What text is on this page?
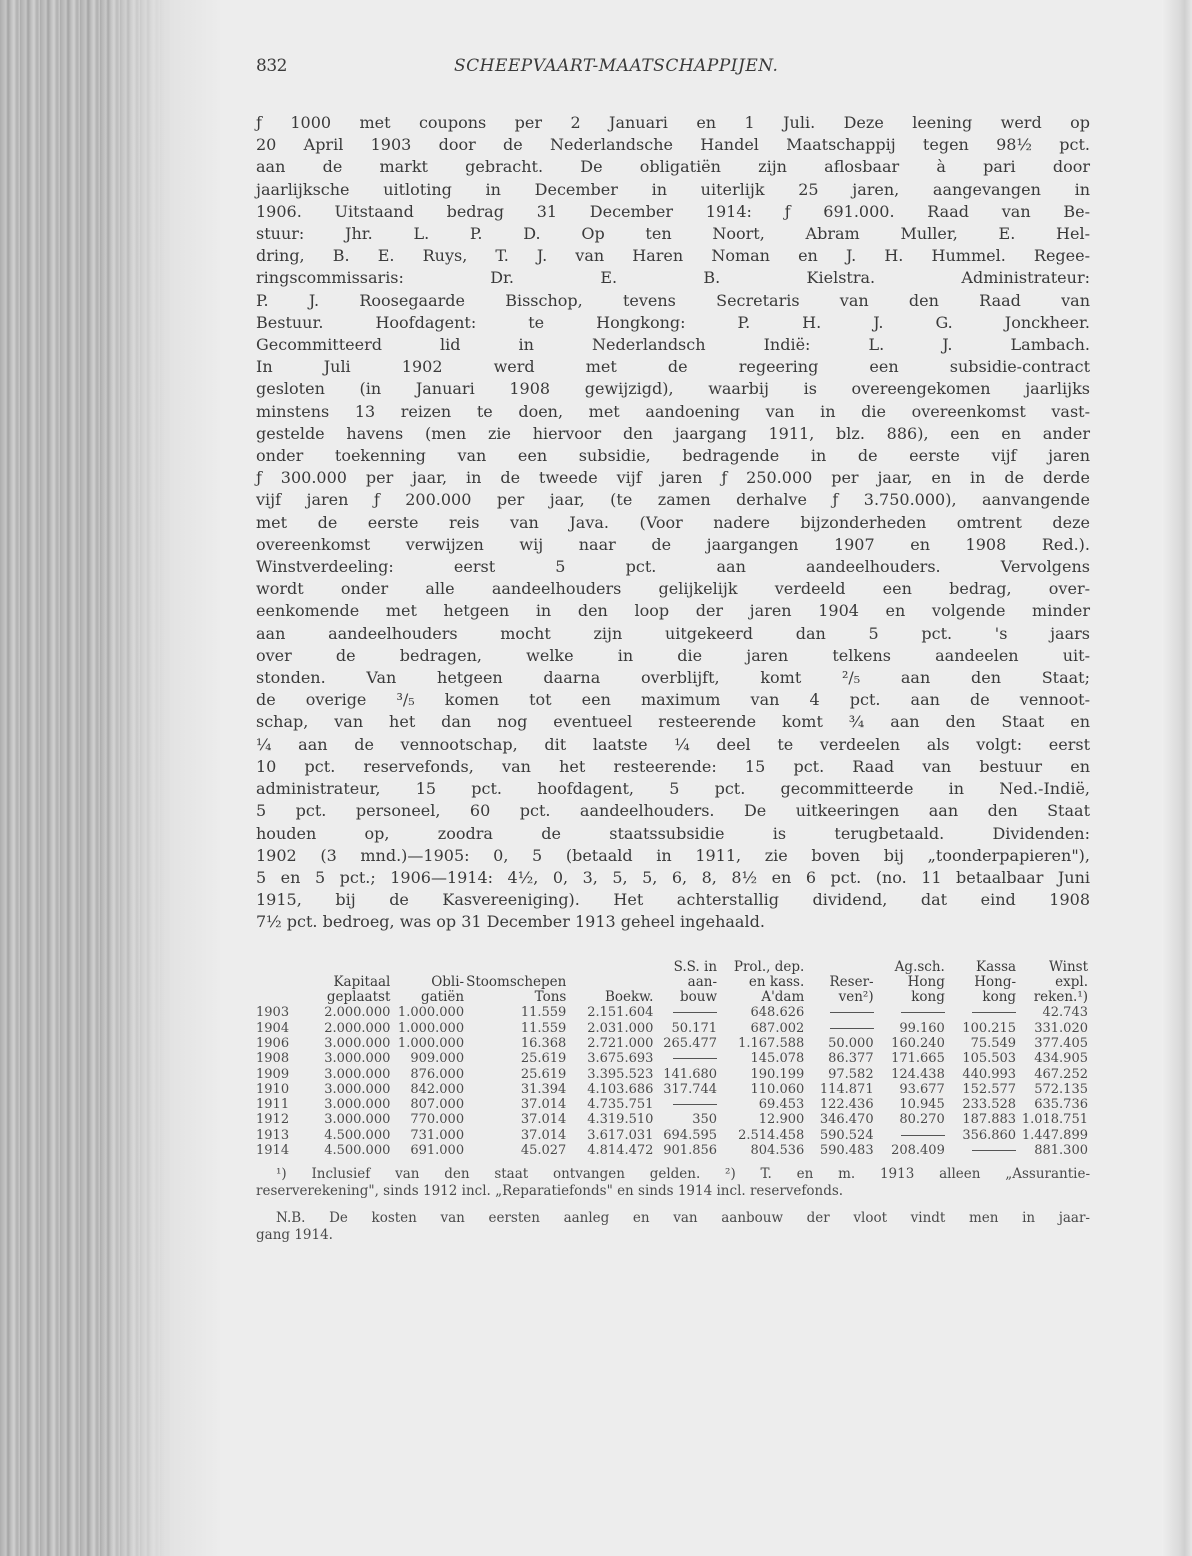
832	SCHEEPVAART-MAATSCHAPPIJEN.
ƒ 1000 met coupons per 2 Januari en 1 Juli. Deze leening werd op
20 April 1903 door de Nederlandsche Handel Maatschappij tegen 98½ pct.
aan de markt gebracht. De obligatiën zijn aflosbaar à pari door
jaarlijksche uitloting in December in uiterlijk 25 jaren, aangevangen in
1906. Uitstaand bedrag 31 December 1914: ƒ 691.000. Raad van Be-
stuur: Jhr. L. P. D. Op ten Noort, Abram Muller, E. Hel-
dring, B. E. Ruys, T. J. van Haren Noman en J. H. Hummel. Regee-
ringscommissaris: Dr. E. B. Kielstra. Administrateur:
P. J. Roosegaarde Bisschop, tevens Secretaris van den Raad van
Bestuur. Hoofdagent: te Hongkong: P. H. J. G. Jonckheer.
Gecommitteerd lid in Nederlandsch Indië: L. J. Lambach.
In Juli 1902 werd met de regeering een subsidie-contract
gesloten (in Januari 1908 gewijzigd), waarbij is overeengekomen jaarlijks
minstens 13 reizen te doen, met aandoening van in die overeenkomst vast-
gestelde havens (men zie hiervoor den jaargang 1911, blz. 886), een en ander
onder toekenning van een subsidie, bedragende in de eerste vijf jaren
ƒ 300.000 per jaar, in de tweede vijf jaren ƒ 250.000 per jaar, en in de derde
vijf jaren ƒ 200.000 per jaar, (te zamen derhalve ƒ 3.750.000), aanvangende
met de eerste reis van Java. (Voor nadere bijzonderheden omtrent deze
overeenkomst verwijzen wij naar de jaargangen 1907 en 1908 Red.).
Winstverdeeling: eerst 5 pct. aan aandeelhouders. Vervolgens
wordt onder alle aandeelhouders gelijkelijk verdeeld een bedrag, over-
eenkomende met hetgeen in den loop der jaren 1904 en volgende minder
aan aandeelhouders mocht zijn uitgekeerd dan 5 pct. 's jaars
over de bedragen, welke in die jaren telkens aandeelen uit-
stonden. Van hetgeen daarna overblijft, komt ²/₅ aan den Staat;
de overige ³/₅ komen tot een maximum van 4 pct. aan de vennoot-
schap, van het dan nog eventueel resteerende komt ¾ aan den Staat en
¼ aan de vennootschap, dit laatste ¼ deel te verdeelen als volgt: eerst
10 pct. reservefonds, van het resteerende: 15 pct. Raad van bestuur en
administrateur, 15 pct. hoofdagent, 5 pct. gecommitteerde in Ned.-Indië,
5 pct. personeel, 60 pct. aandeelhouders. De uitkeeringen aan den Staat
houden op, zoodra de staatssubsidie is terugbetaald. Dividenden:
1902 (3 mnd.)—1905: 0, 5 (betaald in 1911, zie boven bij „toonderpapieren"),
5 en 5 pct.; 1906—1914: 4½, 0, 3, 5, 5, 6, 8, 8½ en 6 pct. (no. 11 betaalbaar Juni
1915, bij de Kasvereeniging). Het achterstallig dividend, dat eind 1908
7½ pct. bedroeg, was op 31 December 1913 geheel ingehaald.
					S.S. in	Prol., dep.		Ag.sch.	Kassa	Winst
	Kapitaal	Obli-	Stoomschepen		aan-	en kass.	Reser-	Hong	Hong-	expl.
	geplaatst	gatiën	Tons	Boekw.	bouw	A'dam	ven²)	kong	kong	reken.¹)
1903	2.000.000	1.000.000	11.559	2.151.604		648.626				42.743
1904	2.000.000	1.000.000	11.559	2.031.000	50.171	687.002		99.160	100.215	331.020
1906	3.000.000	1.000.000	16.368	2.721.000	265.477	1.167.588	50.000	160.240	75.549	377.405
1908	3.000.000	909.000	25.619	3.675.693		145.078	86.377	171.665	105.503	434.905
1909	3.000.000	876.000	25.619	3.395.523	141.680	190.199	97.582	124.438	440.993	467.252
1910	3.000.000	842.000	31.394	4.103.686	317.744	110.060	114.871	93.677	152.577	572.135
1911	3.000.000	807.000	37.014	4.735.751		69.453	122.436	10.945	233.528	635.736
1912	3.000.000	770.000	37.014	4.319.510	350	12.900	346.470	80.270	187.883	1.018.751
1913	4.500.000	731.000	37.014	3.617.031	694.595	2.514.458	590.524		356.860	1.447.899
1914	4.500.000	691.000	45.027	4.814.472	901.856	804.536	590.483	208.409		881.300
¹) Inclusief van den staat ontvangen gelden. ²) T. en m. 1913 alleen „Assurantie-
reserverekening", sinds 1912 incl. „Reparatiefonds" en sinds 1914 incl. reservefonds.
N.B. De kosten van eersten aanleg en van aanbouw der vloot vindt men in jaar-
gang 1914.
